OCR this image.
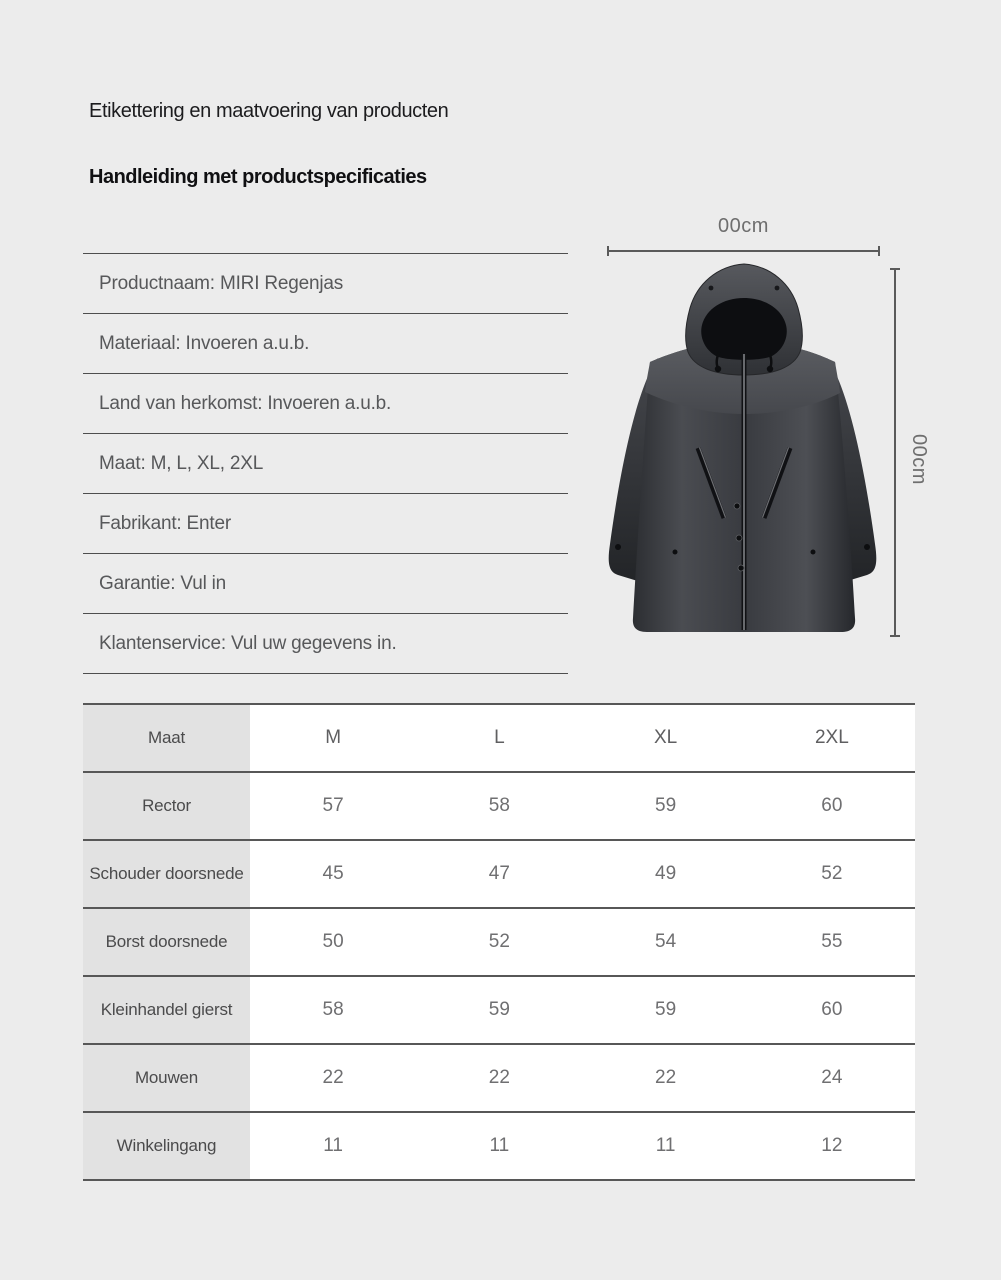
Etikettering en maatvoering van producten
Handleiding met productspecificaties
Productnaam: MIRI Regenjas
Materiaal: Invoeren a.u.b.
Land van herkomst: Invoeren a.u.b.
Maat: M, L, XL, 2XL
Fabrikant: Enter
Garantie: Vul in
Klantenservice: Vul uw gegevens in.
00cm
00cm
Maat	M	L	XL	2XL
Rector	57	58	59	60
Schouder doorsnede	45	47	49	52
Borst doorsnede	50	52	54	55
Kleinhandel gierst	58	59	59	60
Mouwen	22	22	22	24
Winkelingang	11	11	11	12
